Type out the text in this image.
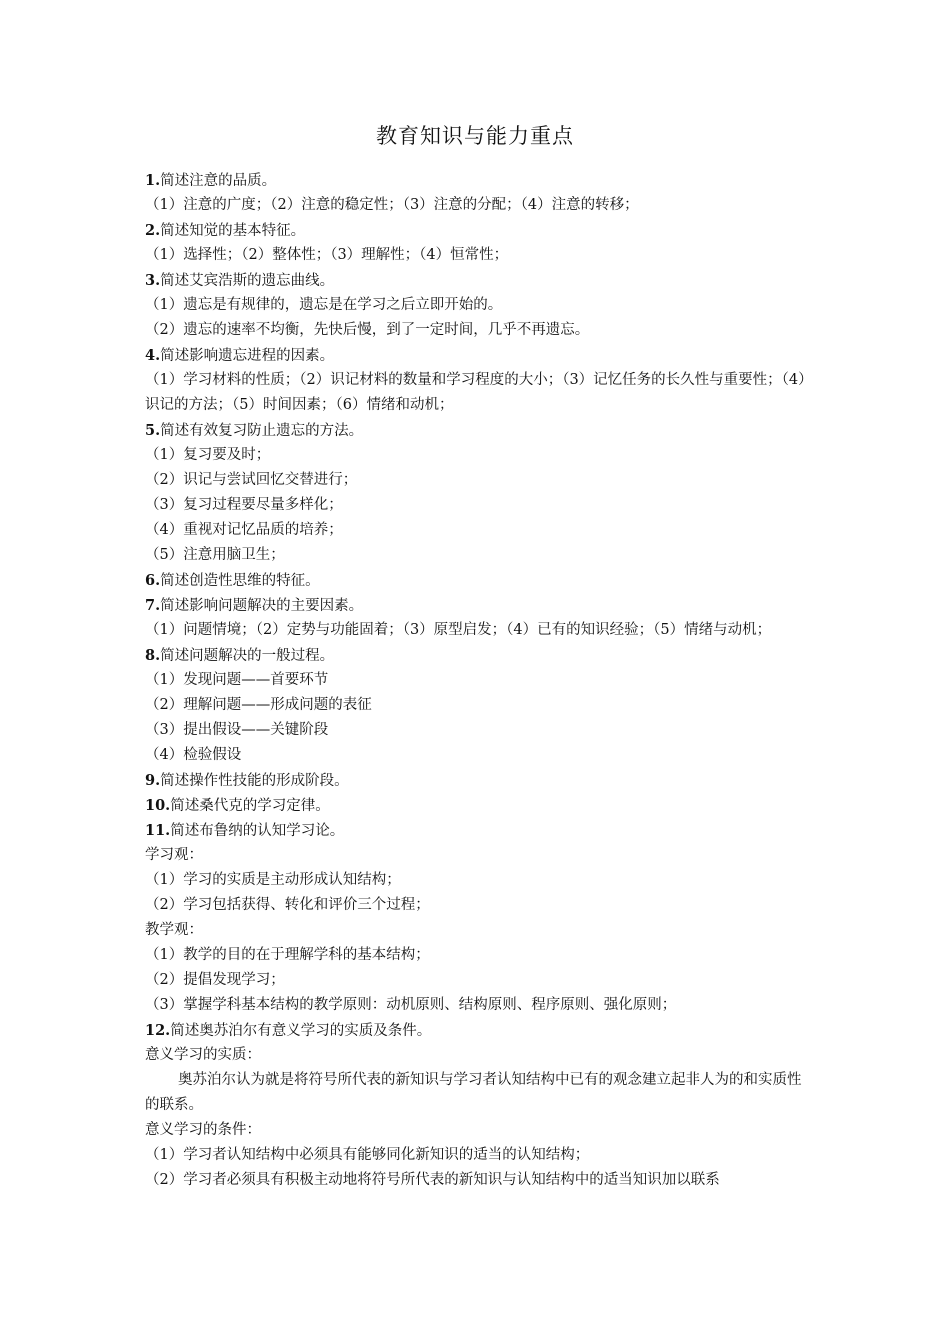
教育知识与能力重点
1.简述注意的品质。
（1）注意的广度；（2）注意的稳定性；（3）注意的分配；（4）注意的转移；
2.简述知觉的基本特征。
（1）选择性；（2）整体性；（3）理解性；（4）恒常性；
3.简述艾宾浩斯的遗忘曲线。
（1）遗忘是有规律的，遗忘是在学习之后立即开始的。
（2）遗忘的速率不均衡，先快后慢，到了一定时间，几乎不再遗忘。
4.简述影响遗忘进程的因素。
（1）学习材料的性质；（2）识记材料的数量和学习程度的大小；（3）记忆任务的长久性与重要性；（4）识记的方法；（5）时间因素；（6）情绪和动机；
5.简述有效复习防止遗忘的方法。
（1）复习要及时；
（2）识记与尝试回忆交替进行；
（3）复习过程要尽量多样化；
（4）重视对记忆品质的培养；
（5）注意用脑卫生；
6.简述创造性思维的特征。
7.简述影响问题解决的主要因素。
（1）问题情境；（2）定势与功能固着；（3）原型启发；（4）已有的知识经验；（5）情绪与动机；
8.简述问题解决的一般过程。
（1）发现问题——首要环节
（2）理解问题——形成问题的表征
（3）提出假设——关键阶段
（4）检验假设
9.简述操作性技能的形成阶段。
10.简述桑代克的学习定律。
11.简述布鲁纳的认知学习论。
学习观：
（1）学习的实质是主动形成认知结构；
（2）学习包括获得、转化和评价三个过程；
教学观：
（1）教学的目的在于理解学科的基本结构；
（2）提倡发现学习；
（3）掌握学科基本结构的教学原则：动机原则、结构原则、程序原则、强化原则；
12.简述奥苏泊尔有意义学习的实质及条件。
意义学习的实质：
奥苏泊尔认为就是将符号所代表的新知识与学习者认知结构中已有的观念建立起非人为的和实质性的联系。
意义学习的条件：
（1）学习者认知结构中必须具有能够同化新知识的适当的认知结构；
（2）学习者必须具有积极主动地将符号所代表的新知识与认知结构中的适当知识加以联系
